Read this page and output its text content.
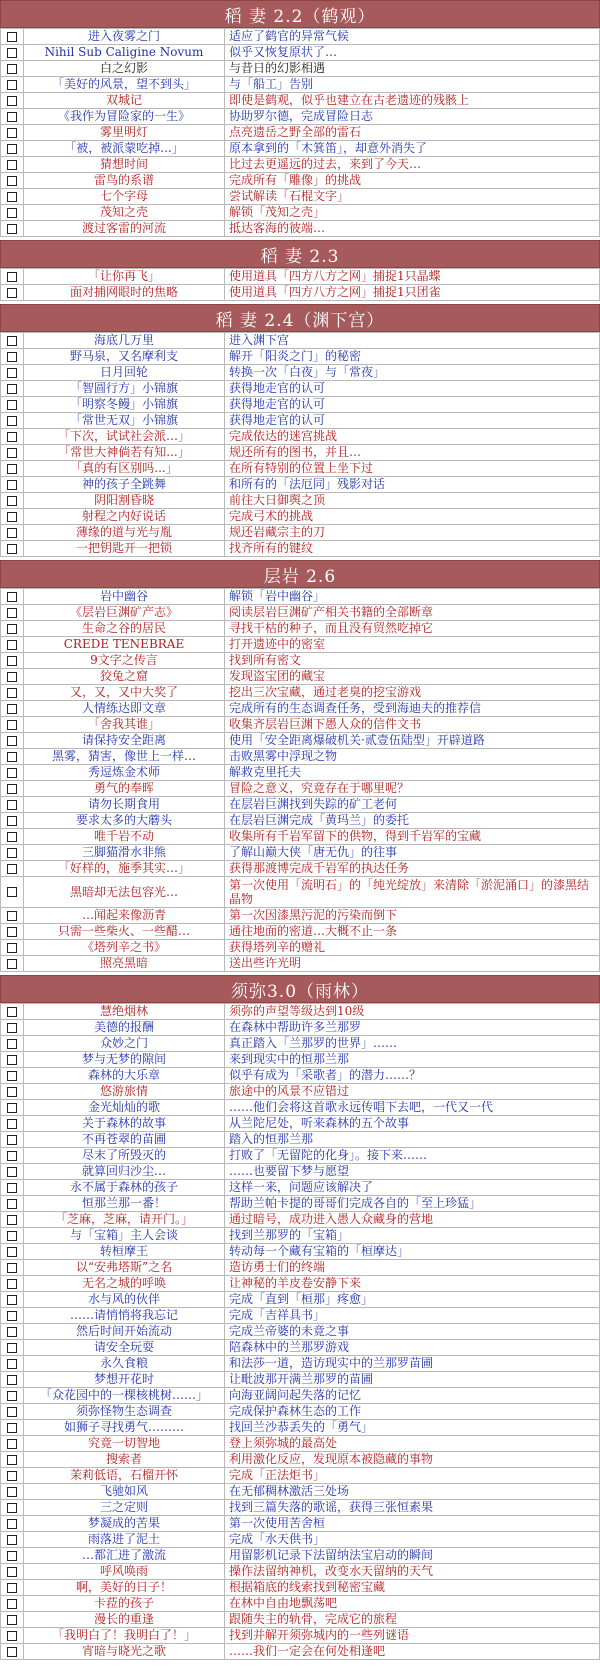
稻 妻 2.2（鹤观）
	进入夜雾之门	适应了鹤官的异常气候
	Nihil Sub Caligine Novum	似乎又恢复原状了…
	白之幻影	与昔日的幻影相遇
	「美好的风景，望不到头」	与「船工」告别
	双城记	即使是鹤观，似乎也建立在古老遗迹的残骸上
	《我作为冒险家的一生》	协助罗尔德，完成冒险日志
	雾里明灯	点亮遗岳之野全部的雷石
	「被，被派蒙吃掉...」	原本拿到的「木箕笛」，却意外消失了
	猜想时间	比过去更遥远的过去，来到了今天…
	雷鸟的系谱	完成所有「雕像」的挑战
	七个字母	尝试解读「石棍文字」
	茂知之壳	解锁「茂知之壳」
	渡过客雷的河流	抵达客海的彼端…
稻 妻 2.3
	「让你再飞」	使用道具「四方八方之网」捕捉1只晶蝶
	面对捕网眼时的焦略	使用道具「四方八方之网」捕捉1只团雀
稻 妻 2.4（渊下宫）
	海底几万里	进入渊下宫
	野马泉，又名摩利支	解开「阳炎之门」的秘密
	日月回轮	转换一次「白夜」与「常夜」
	「智圆行方」小锦旗	获得地走官的认可
	「明察冬鳗」小锦旗	获得地走官的认可
	「常世无双」小锦旗	获得地走官的认可
	「下次，试试社会派…」	完成依达的迷宫挑战
	「常世大神倘若有知...」	规还所有的图书，并且…
	「真的有区别吗...」	在所有特别的位置上坐下过
	神的孩子全跳舞	和所有的「法厄同」残影对话
	阴阳割昏晓	前往大日御舆之顶
	射程之内好说话	完成弓术的挑战
	薄缘的道与光与胤	规还岩藏宗主的刀
	一把钥匙开一把锁	找齐所有的键纹
层岩 2.6
	岩中幽谷	解锁「岩中幽谷」
	《层岩巨渊矿产志》	阅读层岩巨渊矿产相关书籍的全部断章
	生命之谷的居民	寻找干枯的种子，而且没有贸然吃掉它
	CREDE TENEBRAE	打开遗迹中的密室
	9文字之传言	找到所有密文
	狡兔之窟	发现盗宝团的藏宝
	又，又，又中大奖了	挖出三次宝藏，通过老臭的挖宝游戏
	人情练达即文章	完成所有的生态调查任务，受到海迪夫的推荐信
	「舍我其谁」	收集齐层岩巨渊下愚人众的信件文书
	请保持安全距离	使用「安全距离爆破机关·贰壹伍陆型」开辟道路
	黑雾，猜害，像世上一样…	击败黑雾中浮现之物
	秀逗炼金术师	解救克里托夫
	勇气的奉晖	冒险之意义，究竟存在于哪里呢？
	请勿长期食用	在层岩巨渊找到失踪的矿工老何
	要求太多的大蘑头	在层岩巨渊完成「黄玛兰」的委托
	唯千岩不动	收集所有千岩军留下的供物，得到千岩军的宝藏
	三脚猫滑水非熊	了解山巅大侠「唐无仇」的往事
	「好样的，施季其实…」	获得那渡博完成千岩军的执达任务
	黑暗却无法包容光…	第一次使用「流明石」的「纯光绽放」来清除「淤泥涌口」的漆黑结晶物
	…闻起来像沥青	第一次因漆黑污泥的污染而倒下
	只需一些柴火、一些醋…	通往地面的密道…大概不止一条
	《塔列辛之书》	获得塔列辛的赠礼
	照亮黑暗	送出些许光明
须弥3.0（雨林）
	慧绝烟林	须弥的声望等级达到10级
	美德的报酬	在森林中帮助许多兰那罗
	众妙之门	真正踏入「兰那罗的世界」……
	梦与无梦的隙间	来到现实中的恒那兰那
	森林的大乐章	似乎有成为「采歌者」的潜力……？
	悠游旅情	旅途中的风景不应错过
	金光灿灿的歌	……他们会将这首歌永远传唱下去吧，一代又一代
	关于森林的故事	从兰陀尼处，听来森林的五个故事
	不再苍翠的苗圃	踏入的恒那兰那
	尽末了所毁灭的	打败了「无留陀的化身」。接下来……
	就算回归沙尘…	……也要留下梦与愿望
	永不属于森林的孩子	这样一来，问题应该解决了
	恒那兰那一番！	帮助兰帕卡提的哥哥们完成各自的「至上珍猛」
	「芝麻，芝麻，请开门。」	通过暗号，成功进入愚人众藏身的营地
	与「宝箱」主人会谈	找到兰那罗的「宝箱」
	转桓摩王	转动每一个藏有宝箱的「桓摩达」
	以“安弗塔斯”之名	造访勇士们的终端
	无名之城的呼唤	让神秘的羊皮卷安静下来
	水与风的伙伴	完成「直到「桓那」疼愈」
	……请悄悄将我忘记	完成「吉祥具书」
	然后时间开始流动	完成兰帝婆的未竟之事
	请安全玩耍	陪森林中的兰那罗游戏
	永久食粮	和法莎一道，造访现实中的兰那罗苗圃
	梦想开花时	让毗波那开满兰那罗的苗圃
	「众花园中的一棵核桃树……」	向海亚阔问起失落的记忆
	须弥怪物生态调查	完成保护森林生态的工作
	如狮子寻找勇气………	找回兰沙恭丢失的「勇气」
	究竟一切智地	登上须弥城的最高处
	搜索者	利用激化反应，发现原本被隐藏的事物
	茉莉低语，石榴开怀	完成「正法炬书」
	飞驰如风	在无郁稠林激活三处场
	三之定则	找到三篇失落的歌谣，获得三张恒素果
	梦凝成的苦果	第一次使用苦舍桓
	雨落进了泥土	完成「水天供书」
	…都汇进了激流	用留影机记录下法留纳法宝启动的瞬间
	呼风唤雨	操作法留纳神机，改变水天留纳的天气
	啊，美好的日子！	根据箱底的线索找到秘密宝藏
	卡菈的孩子	在林中自由地飘荡吧
	漫长的重逢	跟随失主的轨骨，完成它的旅程
	「我明白了！我明白了！」	找到并解开须弥城内的一些列谜语
	宵暗与晓光之歌	……我们一定会在何处相逢吧
